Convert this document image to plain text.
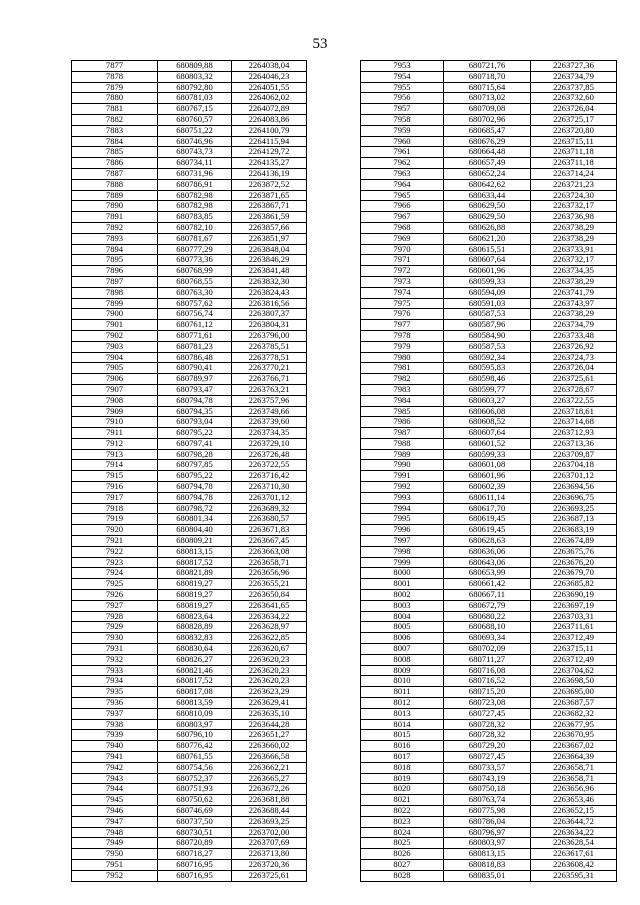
53
7877	680809,88	2264038,04
7878	680803,32	2264046,23
7879	680792,80	2264051,55
7880	680781,03	2264062,02
7881	680767,15	2264072,89
7882	680760,57	2264083,86
7883	680751,22	2264100,79
7884	680746,96	2264115,94
7885	680743,73	2264129,72
7886	680734,11	2264135,27
7887	680731,96	2264136,19
7888	680786,91	2263872,52
7889	680782,98	2263871,65
7890	680782,98	2263867,71
7891	680783,85	2263861,59
7892	680782,10	2263857,66
7893	680781,67	2263851,97
7894	680777,29	2263848,04
7895	680773,36	2263846,29
7896	680768,99	2263841,48
7897	680768,55	2263832,30
7898	680763,30	2263824,43
7899	680757,62	2263816,56
7900	680756,74	2263807,37
7901	680761,12	2263804,31
7902	680771,61	2263796,00
7903	680781,23	2263785,51
7904	680786,48	2263778,51
7905	680790,41	2263770,21
7906	680789,97	2263766,71
7907	680793,47	2263763,21
7908	680794,78	2263757,96
7909	680794,35	2263749,66
7910	680793,04	2263739,60
7911	680795,22	2263734,35
7912	680797,41	2263729,10
7913	680798,28	2263726,48
7914	680797,85	2263722,55
7915	680795,22	2263716,42
7916	680794,78	2263710,30
7917	680794,78	2263701,12
7918	680798,72	2263689,32
7919	680801,34	2263680,57
7920	680804,40	2263671,83
7921	680809,21	2263667,45
7922	680813,15	2263663,08
7923	680817,52	2263658,71
7924	680821,89	2263656,96
7925	680819,27	2263655,21
7926	680819,27	2263650,84
7927	680819,27	2263641,65
7928	680823,64	2263634,22
7929	680828,89	2263628,97
7930	680832,83	2263622,85
7931	680830,64	2263620,67
7932	680826,27	2263620,23
7933	680821,46	2263620,23
7934	680817,52	2263620,23
7935	680817,08	2263623,29
7936	680813,59	2263629,41
7937	680810,09	2263635,10
7938	680803,97	2263644,28
7939	680796,10	2263651,27
7940	680776,42	2263660,02
7941	680761,55	2263666,58
7942	680754,56	2263662,21
7943	680752,37	2263665,27
7944	680751,93	2263672,26
7945	680750,62	2263681,88
7946	680746,69	2263688,44
7947	680737,50	2263693,25
7948	680730,51	2263702,00
7949	680720,89	2263707,69
7950	680718,27	2263713,80
7951	680716,95	2263720,36
7952	680716,95	2263725,61
7953	680721,76	2263727,36
7954	680718,70	2263734,79
7955	680715,64	2263737,85
7956	680713,02	2263732,60
7957	680709,08	2263726,04
7958	680702,96	2263725,17
7959	680685,47	2263720,80
7960	680676,29	2263715,11
7961	680664,48	2263711,18
7962	680657,49	2263711,18
7963	680652,24	2263714,24
7964	680642,62	2263721,23
7965	680633,44	2263724,30
7966	680629,50	2263732,17
7967	680629,50	2263736,98
7968	680626,88	2263738,29
7969	680621,20	2263738,29
7970	680615,51	2263733,91
7971	680607,64	2263732,17
7972	680601,96	2263734,35
7973	680599,33	2263738,29
7974	680594,09	2263741,79
7975	680591,03	2263743,97
7976	680587,53	2263738,29
7977	680587,96	2263734,79
7978	680584,90	2263733,48
7979	680587,53	2263726,92
7980	680592,34	2263724,73
7981	680595,83	2263726,04
7982	680598,46	2263725,61
7983	680599,77	2263728,67
7984	680603,27	2263722,55
7985	680606,08	2263718,61
7986	680608,52	2263714,68
7987	680607,64	2263712,93
7988	680601,52	2263713,36
7989	680599,33	2263709,87
7990	680601,08	2263704,18
7991	680601,96	2263701,12
7992	680602,39	2263694,56
7993	680611,14	2263696,75
7994	680617,70	2263693,25
7995	680619,45	2263687,13
7996	680619,45	2263683,19
7997	680628,63	2263674,89
7998	680636,06	2263675,76
7999	680643,06	2263676,20
8000	680653,99	2263679,70
8001	680661,42	2263685,82
8002	680667,11	2263690,19
8003	680672,79	2263697,19
8004	680680,22	2263703,31
8005	680688,10	2263711,61
8006	680693,34	2263712,49
8007	680702,09	2263715,11
8008	680711,27	2263712,49
8009	680716,08	2263704,62
8010	680716,52	2263698,50
8011	680715,20	2263695,00
8012	680723,08	2263687,57
8013	680727,45	2263682,32
8014	680728,32	2263677,95
8015	680728,32	2263670,95
8016	680729,20	2263667,02
8017	680727,45	2263664,39
8018	680733,57	2263658,71
8019	680743,19	2263658,71
8020	680750,18	2263656,96
8021	680763,74	2263653,46
8022	680775,98	2263652,15
8023	680786,04	2263644,72
8024	680796,97	2263634,22
8025	680803,97	2263628,54
8026	680813,15	2263617,61
8027	680818,83	2263608,42
8028	680835,01	2263595,31
